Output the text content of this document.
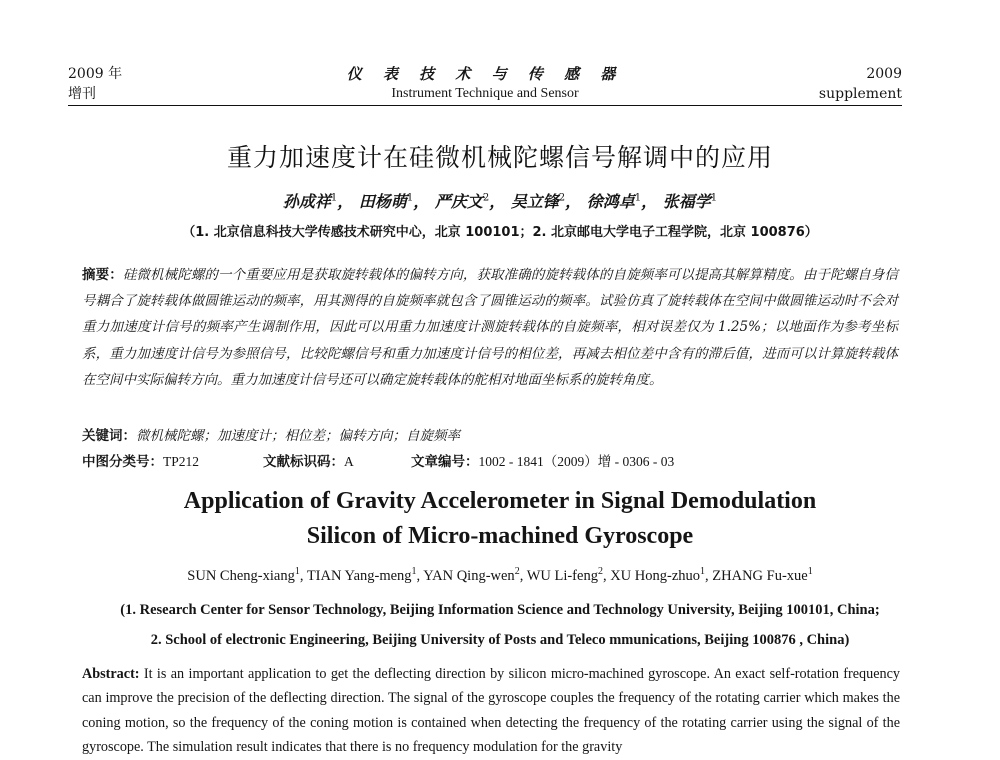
2009 年
增刊
仪 表 技 术 与 传 感 器
Instrument Technique and Sensor
2009
supplement
重力加速度计在硅微机械陀螺信号解调中的应用
孙成祥$^1$， 田杨萌$^1$， 严庆文$^2$， 吴立锋$^2$， 徐鸿卓$^1$， 张福学$^1$
（1. 北京信息科技大学传感技术研究中心，北京 100101；2. 北京邮电大学电子工程学院，北京 100876）
摘要：硅微机械陀螺的一个重要应用是获取旋转载体的偏转方向，获取准确的旋转载体的自旋频率可以提高其解算精度。由于陀螺自身信号耦合了旋转载体做圆锥运动的频率，用其测得的自旋频率就包含了圆锥运动的频率。试验仿真了旋转载体在空间中做圆锥运动时不会对重力加速度计信号的频率产生调制作用，因此可以用重力加速度计测旋转载体的自旋频率，相对误差仅为 1.25%；以地面作为参考坐标系，重力加速度计信号为参照信号，比较陀螺信号和重力加速度计信号的相位差，再减去相位差中含有的滞后值，进而可以计算旋转载体在空间中实际偏转方向。重力加速度计信号还可以确定旋转载体的舵相对地面坐标系的旋转角度。
关键词：微机械陀螺；加速度计；相位差；偏转方向；自旋频率
中图分类号：TP212	文献标识码：A	文章编号：1002 - 1841（2009）增 - 0306 - 03
Application of Gravity Accelerometer in Signal Demodulation
Silicon of Micro-machined Gyroscope
SUN Cheng-xiang$^1$, TIAN Yang-meng$^1$, YAN Qing-wen$^2$, WU Li-feng$^2$, XU Hong-zhuo$^1$, ZHANG Fu-xue$^1$
(1. Research Center for Sensor Technology, Beijing Information Science and Technology University, Beijing 100101, China;
2. School of electronic Engineering, Beijing University of Posts and Teleco mmunications, Beijing 100876 , China)
Abstract: It is an important application to get the deflecting direction by silicon micro-machined gyroscope. An exact self-rotation frequency can improve the precision of the deflecting direction. The signal of the gyroscope couples the frequency of the rotating carrier which makes the coning motion, so the frequency of the coning motion is contained when detecting the frequency of the rotating carrier using the signal of the gyroscope. The simulation result indicates that there is no frequency modulation for the gravity
